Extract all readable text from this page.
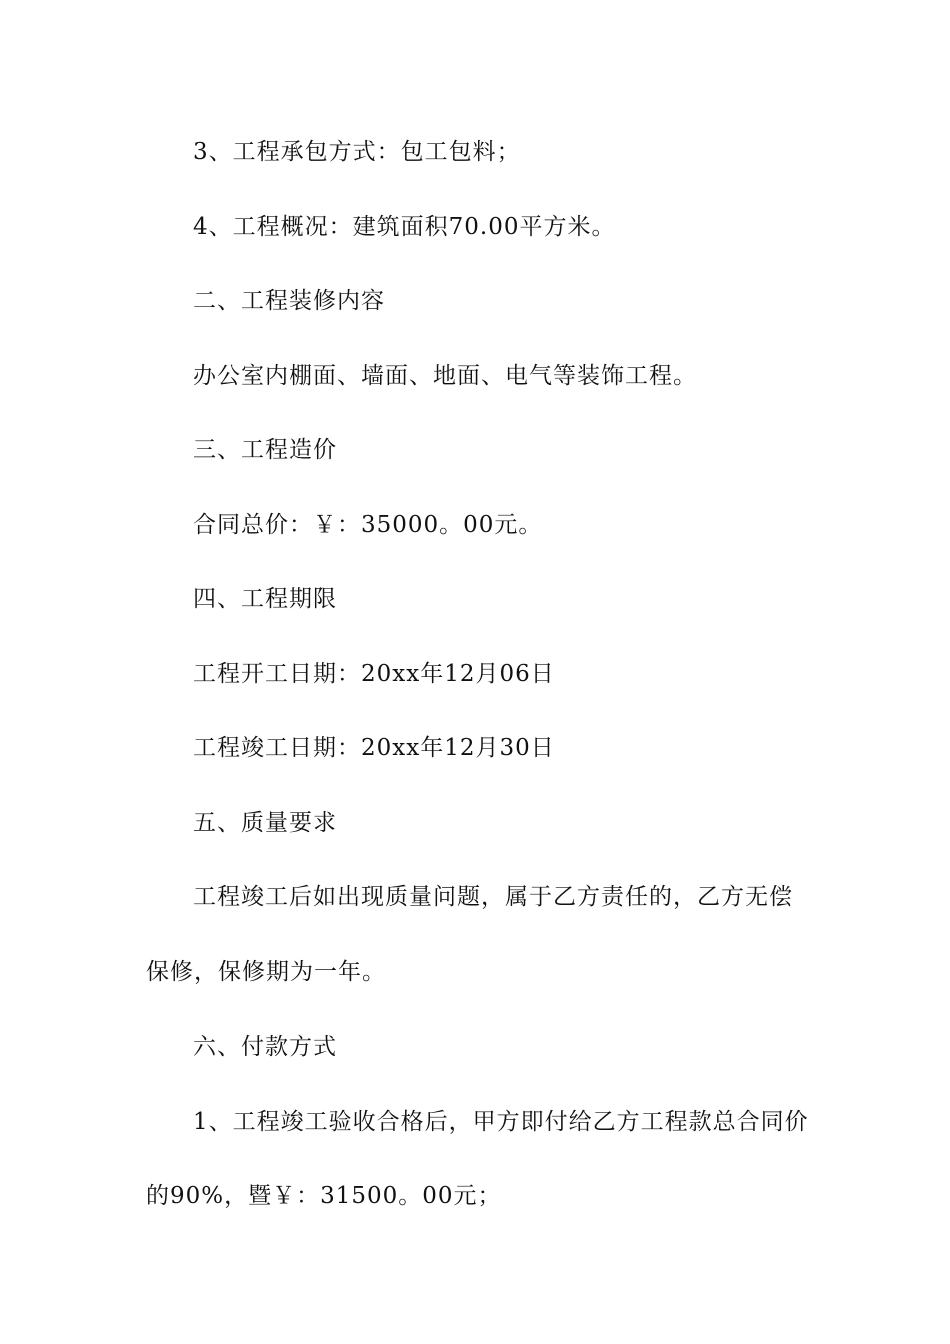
3、工程承包方式：包工包料；
4、工程概况：建筑面积70.00平方米。
二、工程装修内容
办公室内棚面、墙面、地面、电气等装饰工程。
三、工程造价
合同总价：￥：35000。00元。
四、工程期限
工程开工日期：20xx年12月06日
工程竣工日期：20xx年12月30日
五、质量要求
工程竣工后如出现质量问题，属于乙方责任的，乙方无偿
保修，保修期为一年。
六、付款方式
1、工程竣工验收合格后，甲方即付给乙方工程款总合同价
的90%，暨￥：31500。00元；
